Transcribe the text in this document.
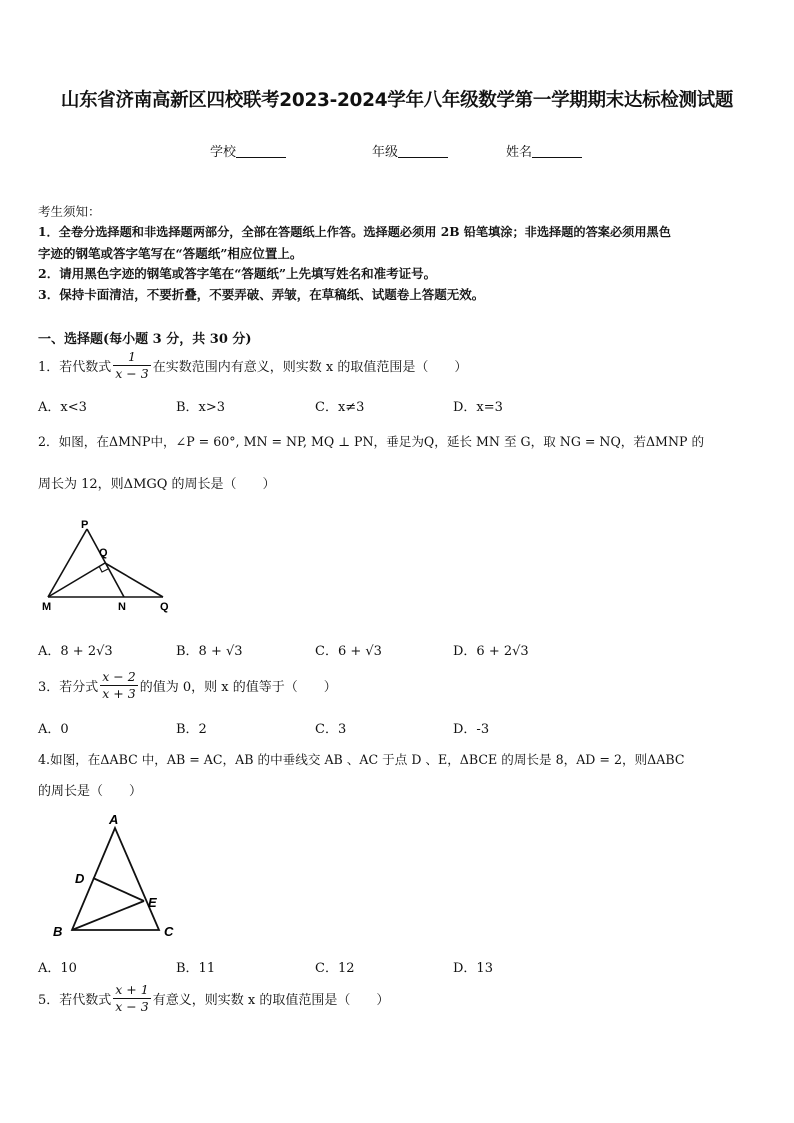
山东省济南高新区四校联考2023-2024学年八年级数学第一学期期末达标检测试题
学校	年级	姓名
考生须知：
1．全卷分选择题和非选择题两部分，全部在答题纸上作答。选择题必须用 2B 铅笔填涂；非选择题的答案必须用黑色
字迹的钢笔或答字笔写在“答题纸”相应位置上。
2．请用黑色字迹的钢笔或答字笔在“答题纸”上先填写姓名和准考证号。
3．保持卡面清洁，不要折叠，不要弄破、弄皱，在草稿纸、试题卷上答题无效。
一、选择题(每小题 3 分，共 30 分)
1．若代数式 $\frac{1}{x - 3}$ 在实数范围内有意义，则实数 x 的取值范围是（　　）
A．x<3	B．x>3	C．x≠3	D．x=3
2．如图，在ΔMNP中，∠P = 60°, MN = NP, MQ ⊥ PN，垂足为Q，延长 MN 至 G，取 NG = NQ，若ΔMNP 的
周长为 12，则ΔMGQ 的周长是（　　）
P
Q
M	N	Q
A．8 + 2√3	B．8 + √3	C．6 + √3	D．6 + 2√3
3．若分式 $\frac{x - 2}{x + 3}$ 的值为 0，则 x 的值等于（　　）
A．0	B．2	C．3	D．-3
4.如图，在ΔABC 中，AB = AC，AB 的中垂线交 AB 、AC 于点 D 、E，ΔBCE 的周长是 8，AD = 2，则ΔABC
的周长是（　　）
A
D
E
B	C
A．10	B．11	C．12	D．13
5．若代数式 $\frac{x + 1}{x - 3}$ 有意义，则实数 x 的取值范围是（　　）
